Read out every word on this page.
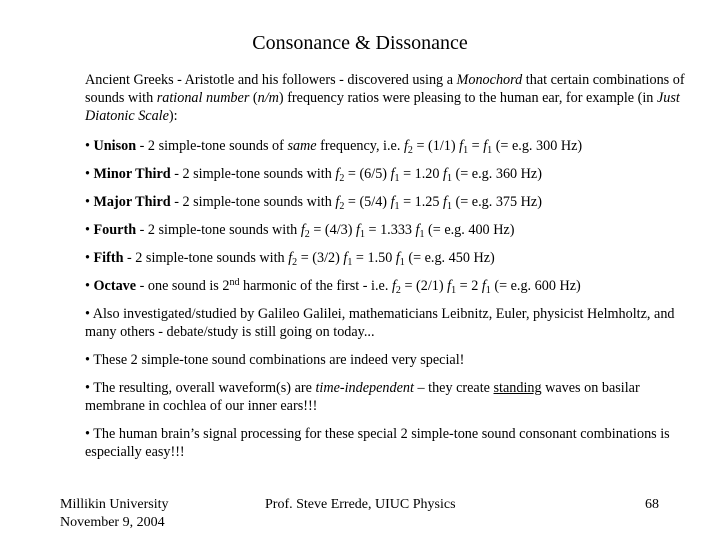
Consonance & Dissonance

Ancient Greeks - Aristotle and his followers - discovered using a Monochord that certain combinations of sounds with rational number (n/m) frequency ratios were pleasing to the human ear, for example (in Just Diatonic Scale):

• Unison - 2 simple-tone sounds of same frequency, i.e. $f_2 = (1/1) f_1 = f_1$ (= e.g. 300 Hz)

• Minor Third - 2 simple-tone sounds with $f_2 = (6/5) f_1 = 1.20$ $f_1$ (= e.g. 360 Hz)

• Major Third - 2 simple-tone sounds with $f_2 = (5/4) f_1 = 1.25$ $f_1$ (= e.g. 375 Hz)

• Fourth - 2 simple-tone sounds with $f_2 = (4/3) f_1 = 1.333$ $f_1$ (= e.g. 400 Hz)

• Fifth - 2 simple-tone sounds with $f_2 = (3/2) f_1 = 1.50$ $f_1$ (= e.g. 450 Hz)

• Octave - one sound is 2nd harmonic of the first - i.e. $f_2 = (2/1) f_1 = 2$ $f_1$ (= e.g. 600 Hz)

• Also investigated/studied by Galileo Galilei, mathematicians Leibnitz, Euler, physicist Helmholtz, and many others - debate/study is still going on today...

• These 2 simple-tone sound combinations are indeed very special!

• The resulting, overall waveform(s) are time-independent – they create standing waves on basilar membrane in cochlea of our inner ears!!!

• The human brain’s signal processing for these special 2 simple-tone sound consonant combinations is especially easy!!!

Millikin University
November 9, 2004
Prof. Steve Errede, UIUC Physics	68
